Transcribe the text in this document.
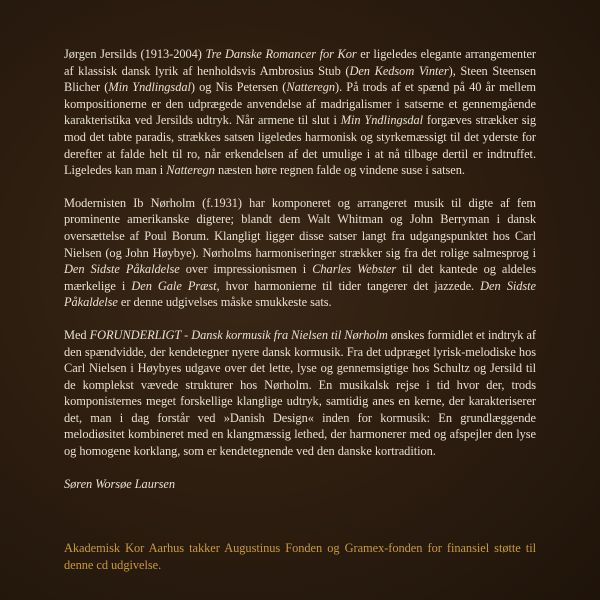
Jørgen Jersilds (1913-2004) Tre Danske Romancer for Kor er ligeledes elegante arrangementer af klassisk dansk lyrik af henholdsvis Ambrosius Stub (Den Kedsom Vinter), Steen Steensen Blicher (Min Yndlingsdal) og Nis Petersen (Natteregn). På trods af et spænd på 40 år mellem kompositionerne er den udprægede anvendelse af madrigalismer i satserne et gennemgående karakteristika ved Jersilds udtryk. Når armene til slut i Min Yndlingsdal forgæves strækker sig mod det tabte paradis, strækkes satsen ligeledes harmonisk og styrkemæssigt til det yderste for derefter at falde helt til ro, når erkendelsen af det umulige i at nå tilbage dertil er indtruffet. Ligeledes kan man i Natteregn næsten høre regnen falde og vindene suse i satsen.

Modernisten Ib Nørholm (f.1931) har komponeret og arrangeret musik til digte af fem prominente amerikanske digtere; blandt dem Walt Whitman og John Berryman i dansk oversættelse af Poul Borum. Klangligt ligger disse satser langt fra udgangspunktet hos Carl Nielsen (og John Høybye). Nørholms harmoniseringer strækker sig fra det rolige salmesprog i Den Sidste Påkaldelse over impressionismen i Charles Webster til det kantede og aldeles mærkelige i Den Gale Præst, hvor harmonierne til tider tangerer det jazzede. Den Sidste Påkaldelse er denne udgivelses måske smukkeste sats.

Med FORUNDERLIGT - Dansk kormusik fra Nielsen til Nørholm ønskes formidlet et indtryk af den spændvidde, der kendetegner nyere dansk kormusik. Fra det udpræget lyrisk-melodiske hos Carl Nielsen i Høybyes udgave over det lette, lyse og gennemsigtige hos Schultz og Jersild til de komplekst vævede strukturer hos Nørholm. En musikalsk rejse i tid hvor der, trods komponisternes meget forskellige klanglige udtryk, samtidig anes en kerne, der karakteriserer det, man i dag forstår ved »Danish Design« inden for kormusik: En grundlæggende melodiøsitet kombineret med en klangmæssig lethed, der harmonerer med og afspejler den lyse og homogene korklang, som er kendetegnende ved den danske kortradition.

Søren Worsøe Laursen

Akademisk Kor Aarhus takker Augustinus Fonden og Gramex-fonden for finansiel støtte til denne cd udgivelse.
